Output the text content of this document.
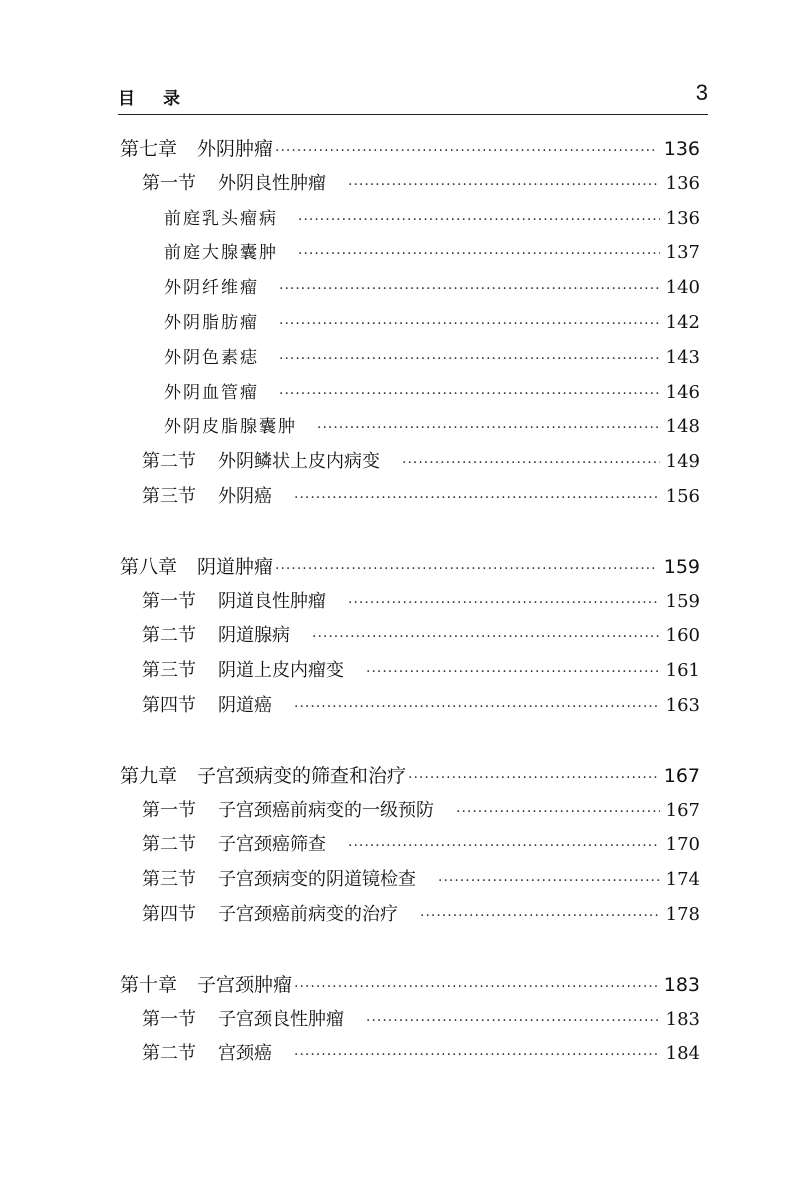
目录	3
第七章 外阴肿瘤 ·····	136
第一节 外阴良性肿瘤 ·····	136
前庭乳头瘤病 ·····	136
前庭大腺囊肿 ·····	137
外阴纤维瘤 ·····	140
外阴脂肪瘤 ·····	142
外阴色素痣 ·····	143
外阴血管瘤 ·····	146
外阴皮脂腺囊肿 ·····	148
第二节 外阴鳞状上皮内病变 ·····	149
第三节 外阴癌 ·····	156
第八章 阴道肿瘤 ·····	159
第一节 阴道良性肿瘤 ·····	159
第二节 阴道腺病 ·····	160
第三节 阴道上皮内瘤变 ·····	161
第四节 阴道癌 ·····	163
第九章 子宫颈病变的筛查和治疗 ·····	167
第一节 子宫颈癌前病变的一级预防 ·····	167
第二节 子宫颈癌筛查 ·····	170
第三节 子宫颈病变的阴道镜检查 ·····	174
第四节 子宫颈癌前病变的治疗 ·····	178
第十章 子宫颈肿瘤 ·····	183
第一节 子宫颈良性肿瘤 ·····	183
第二节 宫颈癌 ·····	184
